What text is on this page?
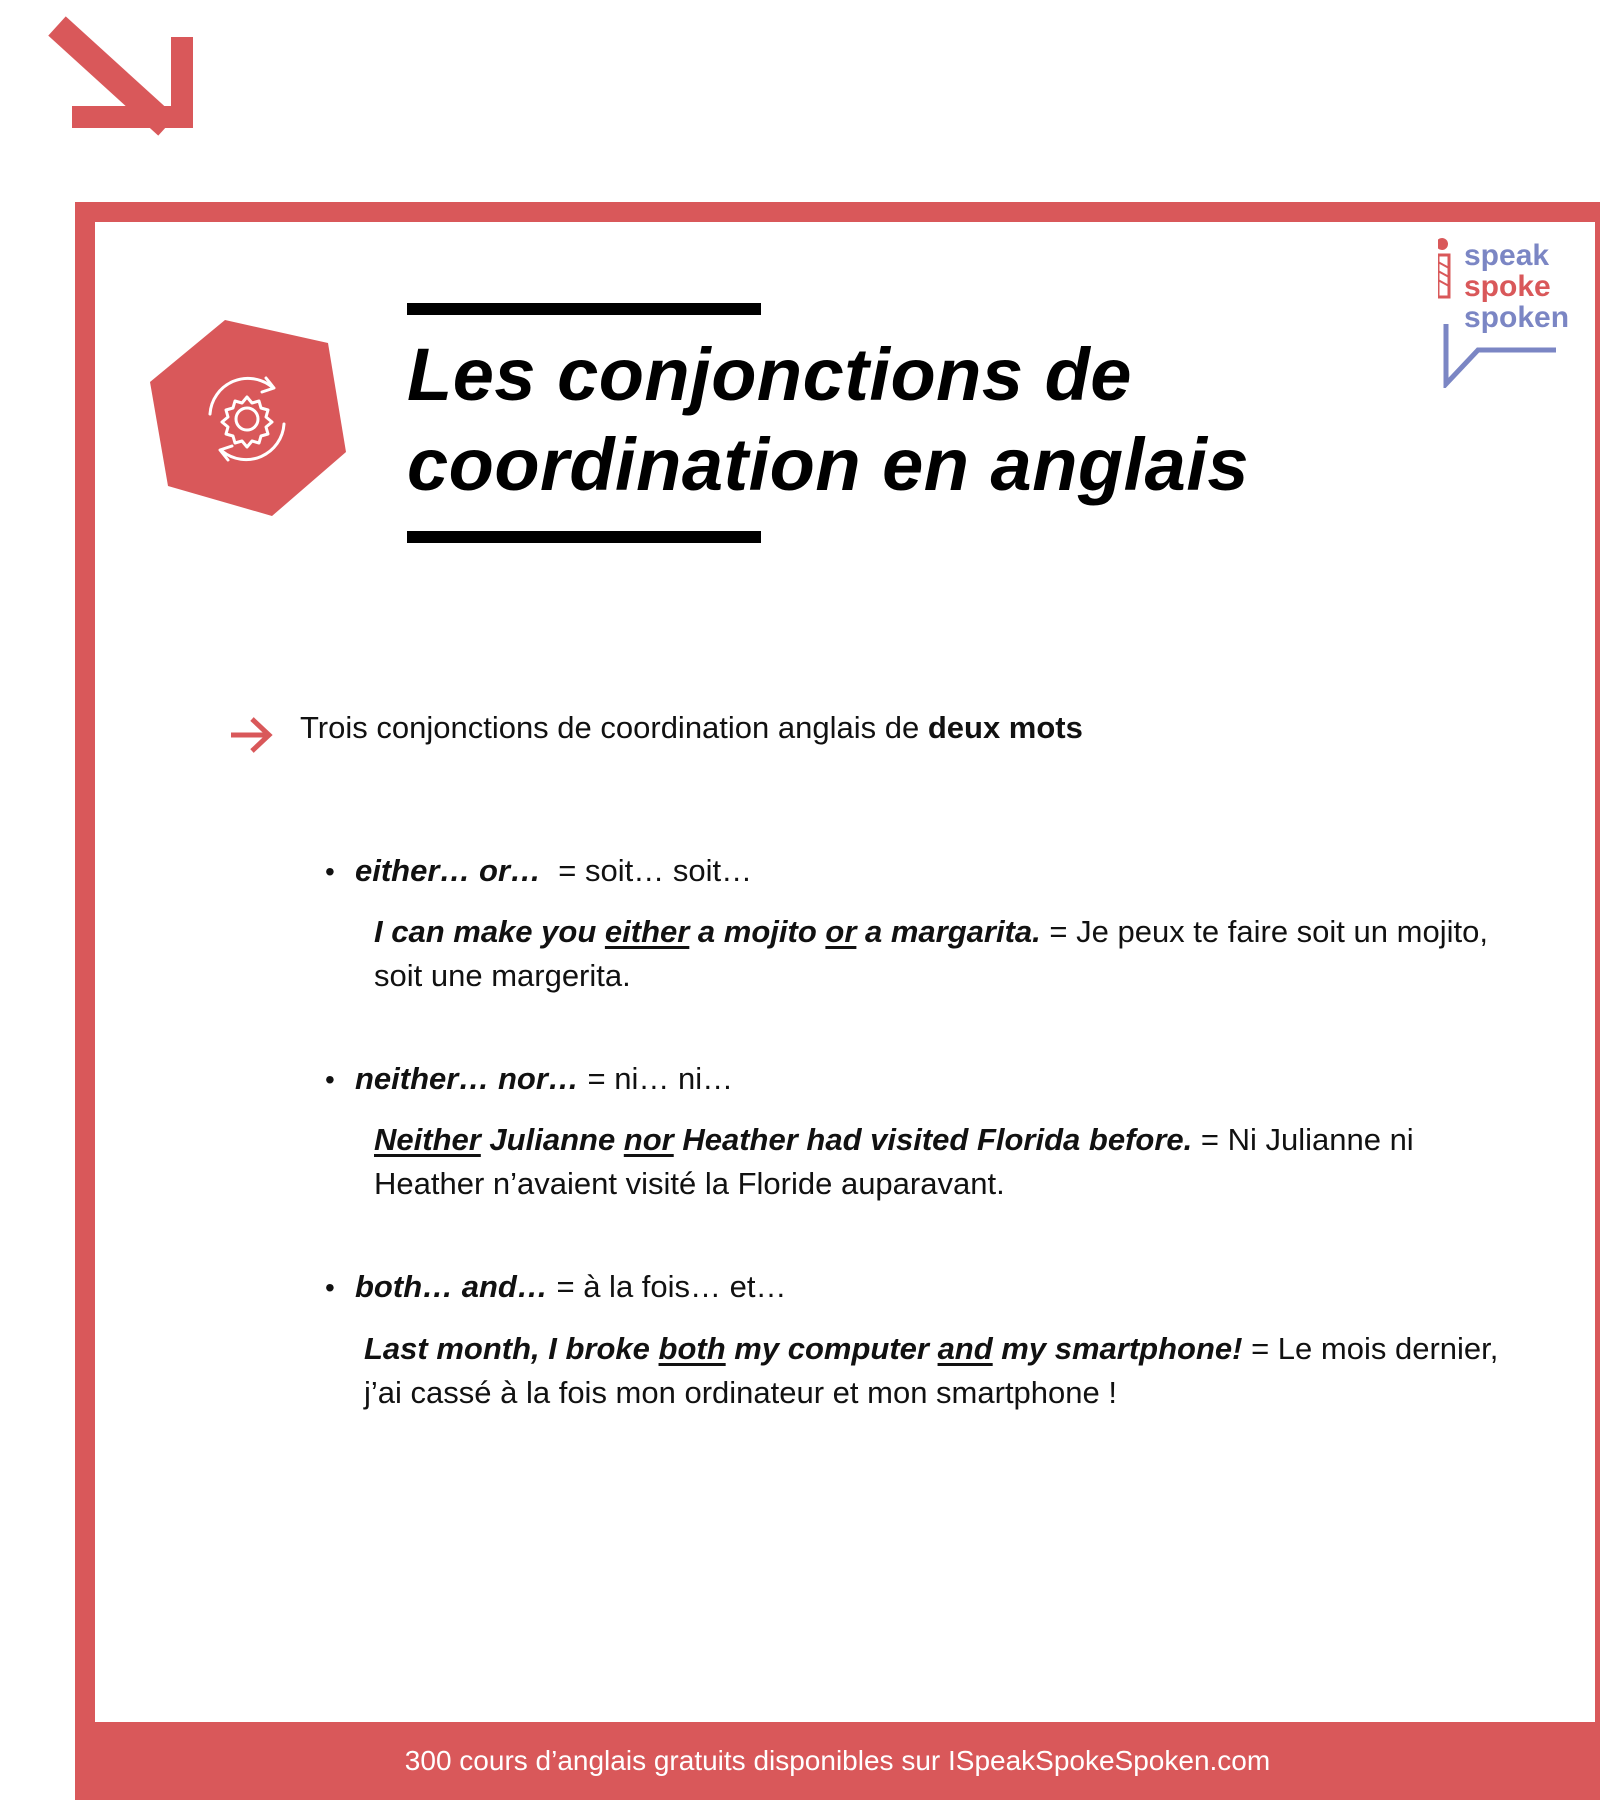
Les conjonctions de
coordination en anglais
speak
spoke
spoken
Trois conjonctions de coordination anglais de deux mots
• either… or… = soit… soit…
I can make you either a mojito or a margarita. = Je peux te faire soit un mojito, soit une margerita.
• neither… nor… = ni… ni…
Neither Julianne nor Heather had visited Florida before. = Ni Julianne ni Heather n’avaient visité la Floride auparavant.
• both… and… = à la fois… et…
Last month, I broke both my computer and my smartphone! = Le mois dernier, j’ai cassé à la fois mon ordinateur et mon smartphone !
300 cours d’anglais gratuits disponibles sur ISpeakSpokeSpoken.com
